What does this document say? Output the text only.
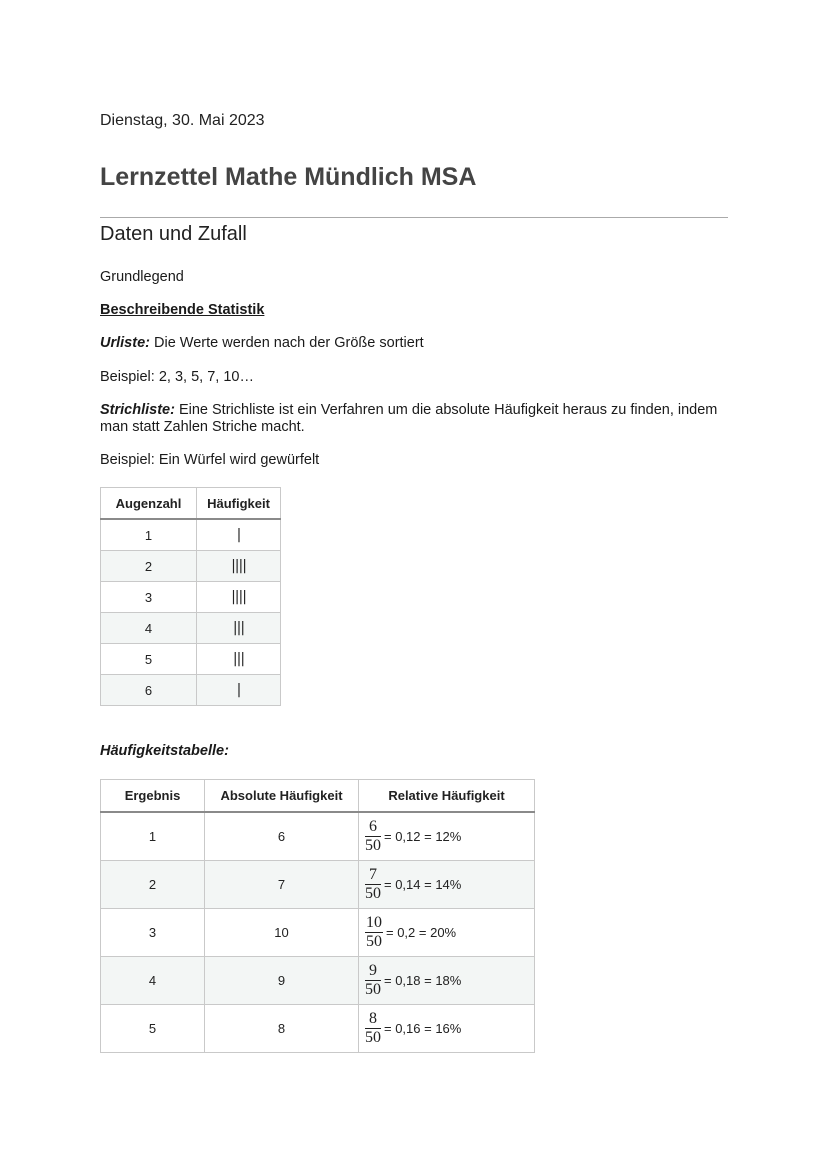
Dienstag, 30. Mai 2023
Lernzettel Mathe Mündlich MSA
Daten und Zufall
Grundlegend
Beschreibende Statistik
Urliste: Die Werte werden nach der Größe sortiert
Beispiel: 2, 3, 5, 7, 10…
Strichliste: Eine Strichliste ist ein Verfahren um die absolute Häufigkeit heraus zu finden, indem man statt Zahlen Striche macht.
Beispiel: Ein Würfel wird gewürfelt
Augenzahl	Häufigkeit
1	|
2	||||
3	||||
4	|||
5	|||
6	|
Häufigkeitstabelle:
Ergebnis	Absolute Häufigkeit	Relative Häufigkeit
1	6	$\frac{6}{50} = 0,12 = 12\%$
2	7	$\frac{7}{50} = 0,14 = 14\%$
3	10	$\frac{10}{50} = 0,2 = 20\%$
4	9	$\frac{9}{50} = 0,18 = 18\%$
5	8	$\frac{8}{50} = 0,16 = 16\%$
